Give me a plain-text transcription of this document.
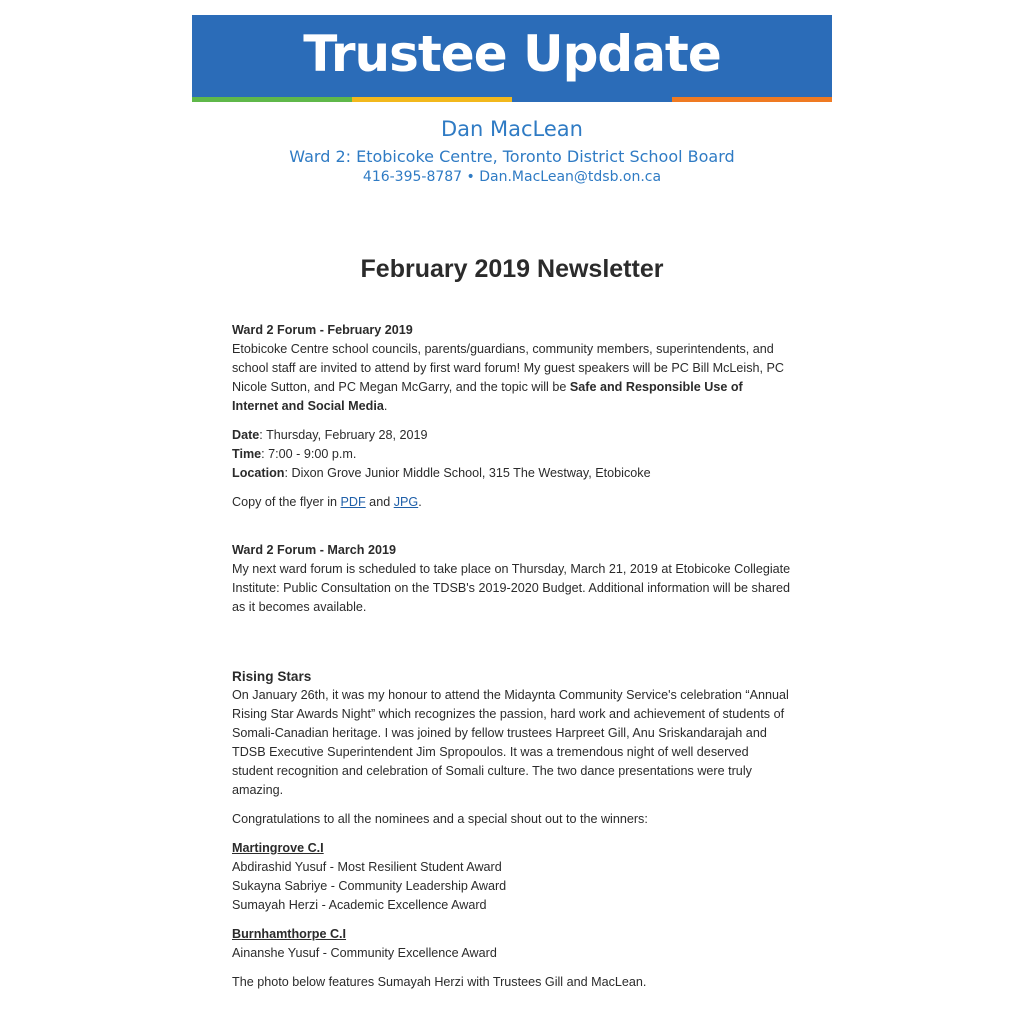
Trustee Update
Dan MacLean
Ward 2: Etobicoke Centre, Toronto District School Board
416-395-8787 • Dan.MacLean@tdsb.on.ca
February 2019 Newsletter

Ward 2 Forum - February 2019

Etobicoke Centre school councils, parents/guardians, community members, superintendents, and school staff are invited to attend by first ward forum! My guest speakers will be PC Bill McLeish, PC Nicole Sutton, and PC Megan McGarry, and the topic will be Safe and Responsible Use of Internet and Social Media.

Date: Thursday, February 28, 2019

Time: 7:00 - 9:00 p.m.

Location: Dixon Grove Junior Middle School, 315 The Westway, Etobicoke

Copy of the flyer in PDF and JPG.

Ward 2 Forum - March 2019

My next ward forum is scheduled to take place on Thursday, March 21, 2019 at Etobicoke Collegiate Institute: Public Consultation on the TDSB's 2019-2020 Budget. Additional information will be shared as it becomes available.

Rising Stars

On January 26th, it was my honour to attend the Midaynta Community Service's celebration “Annual Rising Star Awards Night” which recognizes the passion, hard work and achievement of students of Somali-Canadian heritage. I was joined by fellow trustees Harpreet Gill, Anu Sriskandarajah and TDSB Executive Superintendent Jim Spropoulos. It was a tremendous night of well deserved student recognition and celebration of Somali culture. The two dance presentations were truly amazing.

Congratulations to all the nominees and a special shout out to the winners:

Martingrove C.I

Abdirashid Yusuf - Most Resilient Student Award

Sukayna Sabriye - Community Leadership Award

Sumayah Herzi - Academic Excellence Award

Burnhamthorpe C.I

Ainanshe Yusuf - Community Excellence Award

The photo below features Sumayah Herzi with Trustees Gill and MacLean.
